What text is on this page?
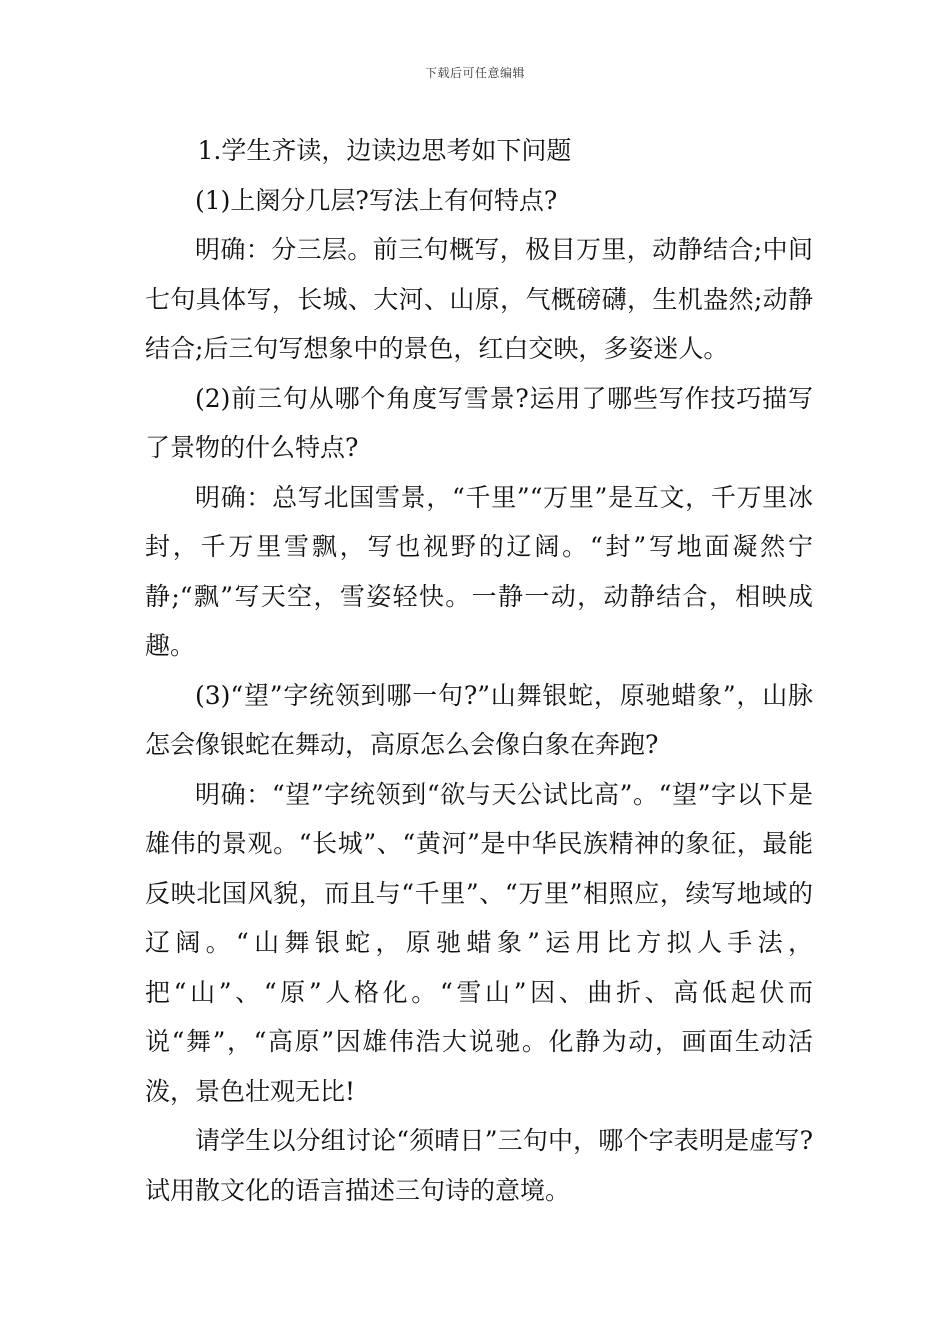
下载后可任意编辑

1.学生齐读，边读边思考如下问题

(1)上阕分几层?写法上有何特点?

明确：分三层。前三句概写，极目万里，动静结合;中间七句具体写，长城、大河、山原，气概磅礴，生机盎然;动静结合;后三句写想象中的景色，红白交映，多姿迷人。

(2)前三句从哪个角度写雪景?运用了哪些写作技巧描写了景物的什么特点?

明确：总写北国雪景，“千里”“万里”是互文，千万里冰封，千万里雪飘，写也视野的辽阔。“封”写地面凝然宁静;“飘”写天空，雪姿轻快。一静一动，动静结合，相映成趣。

(3)“望”字统领到哪一句?”山舞银蛇，原驰蜡象”，山脉怎会像银蛇在舞动，高原怎么会像白象在奔跑?

明确：“望”字统领到“欲与天公试比高”。“望”字以下是雄伟的景观。“长城”、“黄河”是中华民族精神的象征，最能反映北国风貌，而且与“千里”、“万里”相照应，续写地域的辽阔。“山舞银蛇，原驰蜡象”运用比方拟人手法，把“山”、“原”人格化。“雪山”因、曲折、高低起伏而说“舞”，“高原”因雄伟浩大说驰。化静为动，画面生动活泼，景色壮观无比!

请学生以分组讨论“须晴日”三句中，哪个字表明是虚写?试用散文化的语言描述三句诗的意境。
